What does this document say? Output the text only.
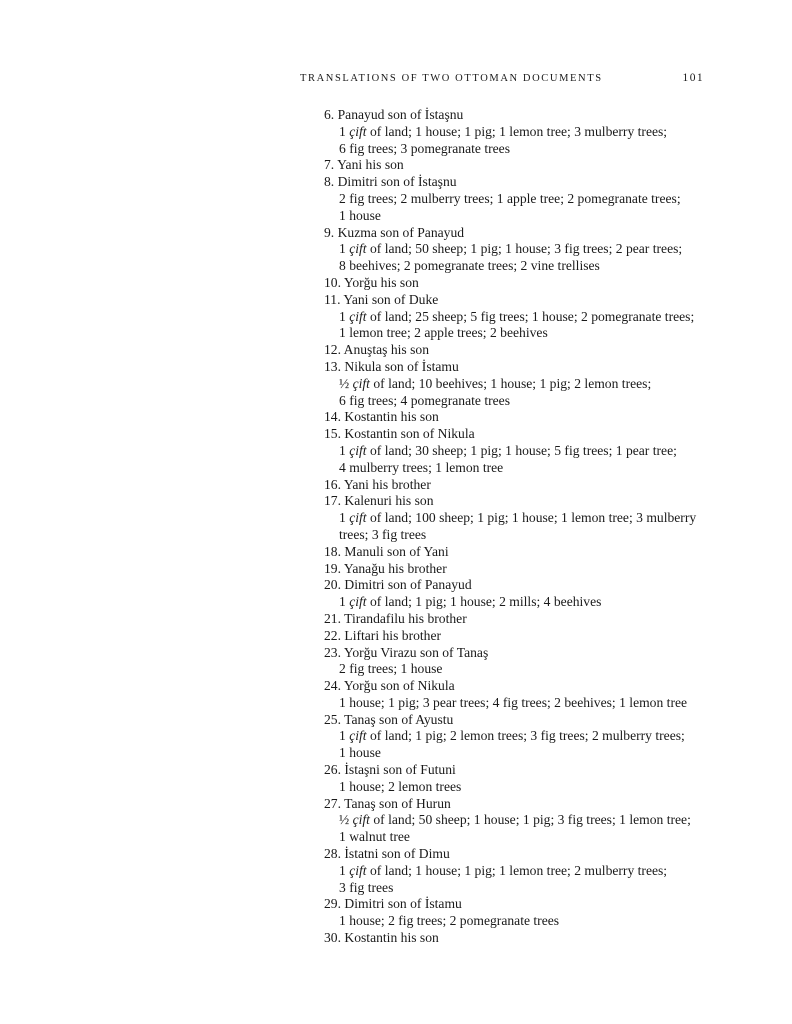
TRANSLATIONS OF TWO OTTOMAN DOCUMENTS	101
6. Panayud son of İstaşnu
1 çift of land; 1 house; 1 pig; 1 lemon tree; 3 mulberry trees;
6 fig trees; 3 pomegranate trees
7. Yani his son
8. Dimitri son of İstaşnu
2 fig trees; 2 mulberry trees; 1 apple tree; 2 pomegranate trees;
1 house
9. Kuzma son of Panayud
1 çift of land; 50 sheep; 1 pig; 1 house; 3 fig trees; 2 pear trees;
8 beehives; 2 pomegranate trees; 2 vine trellises
10. Yorğu his son
11. Yani son of Duke
1 çift of land; 25 sheep; 5 fig trees; 1 house; 2 pomegranate trees;
1 lemon tree; 2 apple trees; 2 beehives
12. Anuştaş his son
13. Nikula son of İstamu
½ çift of land; 10 beehives; 1 house; 1 pig; 2 lemon trees;
6 fig trees; 4 pomegranate trees
14. Kostantin his son
15. Kostantin son of Nikula
1 çift of land; 30 sheep; 1 pig; 1 house; 5 fig trees; 1 pear tree;
4 mulberry trees; 1 lemon tree
16. Yani his brother
17. Kalenuri his son
1 çift of land; 100 sheep; 1 pig; 1 house; 1 lemon tree; 3 mulberry
trees; 3 fig trees
18. Manuli son of Yani
19. Yanağu his brother
20. Dimitri son of Panayud
1 çift of land; 1 pig; 1 house; 2 mills; 4 beehives
21. Tirandafilu his brother
22. Liftari his brother
23. Yorğu Virazu son of Tanaş
2 fig trees; 1 house
24. Yorğu son of Nikula
1 house; 1 pig; 3 pear trees; 4 fig trees; 2 beehives; 1 lemon tree
25. Tanaş son of Ayustu
1 çift of land; 1 pig; 2 lemon trees; 3 fig trees; 2 mulberry trees;
1 house
26. İstaşni son of Futuni
1 house; 2 lemon trees
27. Tanaş son of Hurun
½ çift of land; 50 sheep; 1 house; 1 pig; 3 fig trees; 1 lemon tree;
1 walnut tree
28. İstatni son of Dimu
1 çift of land; 1 house; 1 pig; 1 lemon tree; 2 mulberry trees;
3 fig trees
29. Dimitri son of İstamu
1 house; 2 fig trees; 2 pomegranate trees
30. Kostantin his son
